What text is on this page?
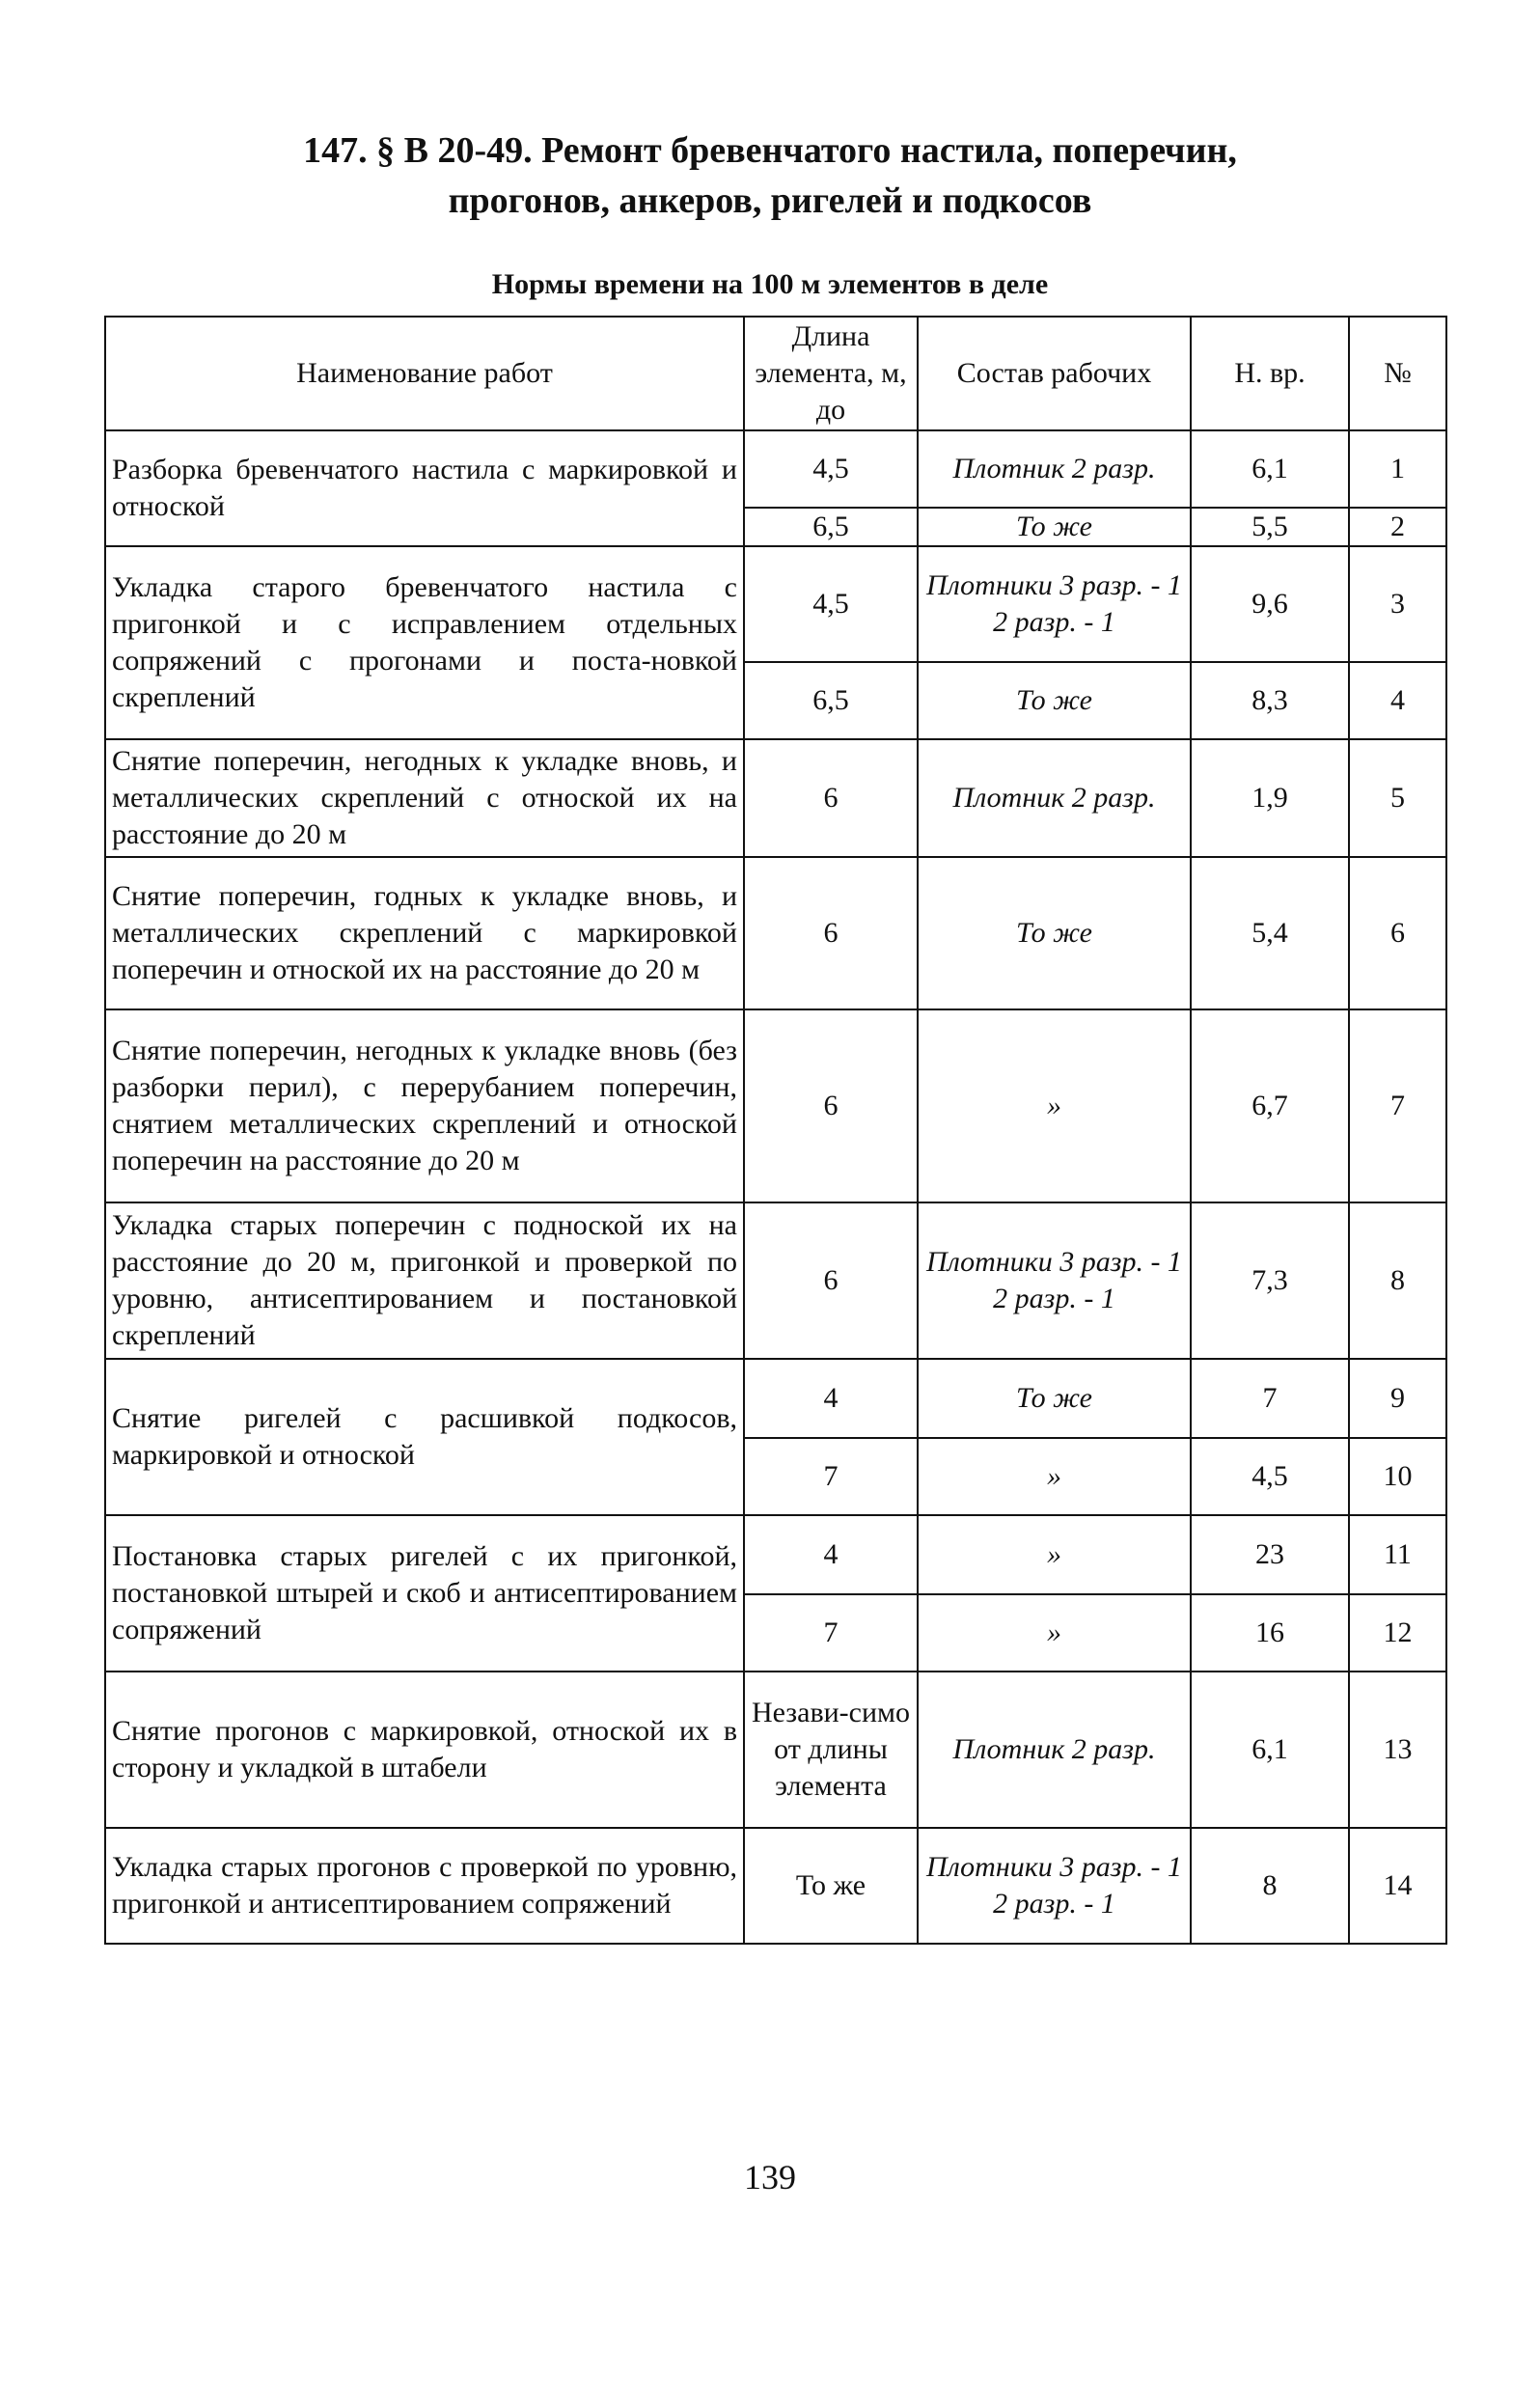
147. § В 20-49. Ремонт бревенчатого настила, поперечин,
прогонов, анкеров, ригелей и подкосов
Нормы времени на 100 м элементов в деле
Наименование работ	Длина элемента, м, до	Состав рабочих	Н. вр.	№
Разборка бревенчатого настила с маркировкой и отноской	4,5	Плотник 2 разр.	6,1	1
	6,5	То же	5,5	2
Укладка старого бревенчатого настила с пригонкой и с исправлением отдельных сопряжений с прогонами и поста-новкой скреплений	4,5	Плотники 3 разр. - 1 2 разр. - 1	9,6	3
	6,5	То же	8,3	4
Снятие поперечин, негодных к укладке вновь, и металлических скреплений с отноской их на расстояние до 20 м	6	Плотник 2 разр.	1,9	5
Снятие поперечин, годных к укладке вновь, и металлических скреплений с маркировкой поперечин и отноской их на расстояние до 20 м	6	То же	5,4	6
Снятие поперечин, негодных к укладке вновь (без разборки перил), с перерубанием поперечин, снятием металлических скреплений и отноской поперечин на расстояние до 20 м	6	»	6,7	7
Укладка старых поперечин с подноской их на расстояние до 20 м, пригонкой и проверкой по уровню, антисептированием и постановкой скреплений	6	Плотники 3 разр. - 1 2 разр. - 1	7,3	8
Снятие ригелей с расшивкой подкосов, маркировкой и отноской	4	То же	7	9
	7	»	4,5	10
Постановка старых ригелей с их пригонкой, постановкой штырей и скоб и антисептированием сопряжений	4	»	23	11
	7	»	16	12
Снятие прогонов с маркировкой, отноской их в сторону и укладкой в штабели	Незави-симо от длины элемента	Плотник 2 разр.	6,1	13
Укладка старых прогонов с проверкой по уровню, пригонкой и антисептированием сопряжений	То же	Плотники 3 разр. - 1 2 разр. - 1	8	14
139
